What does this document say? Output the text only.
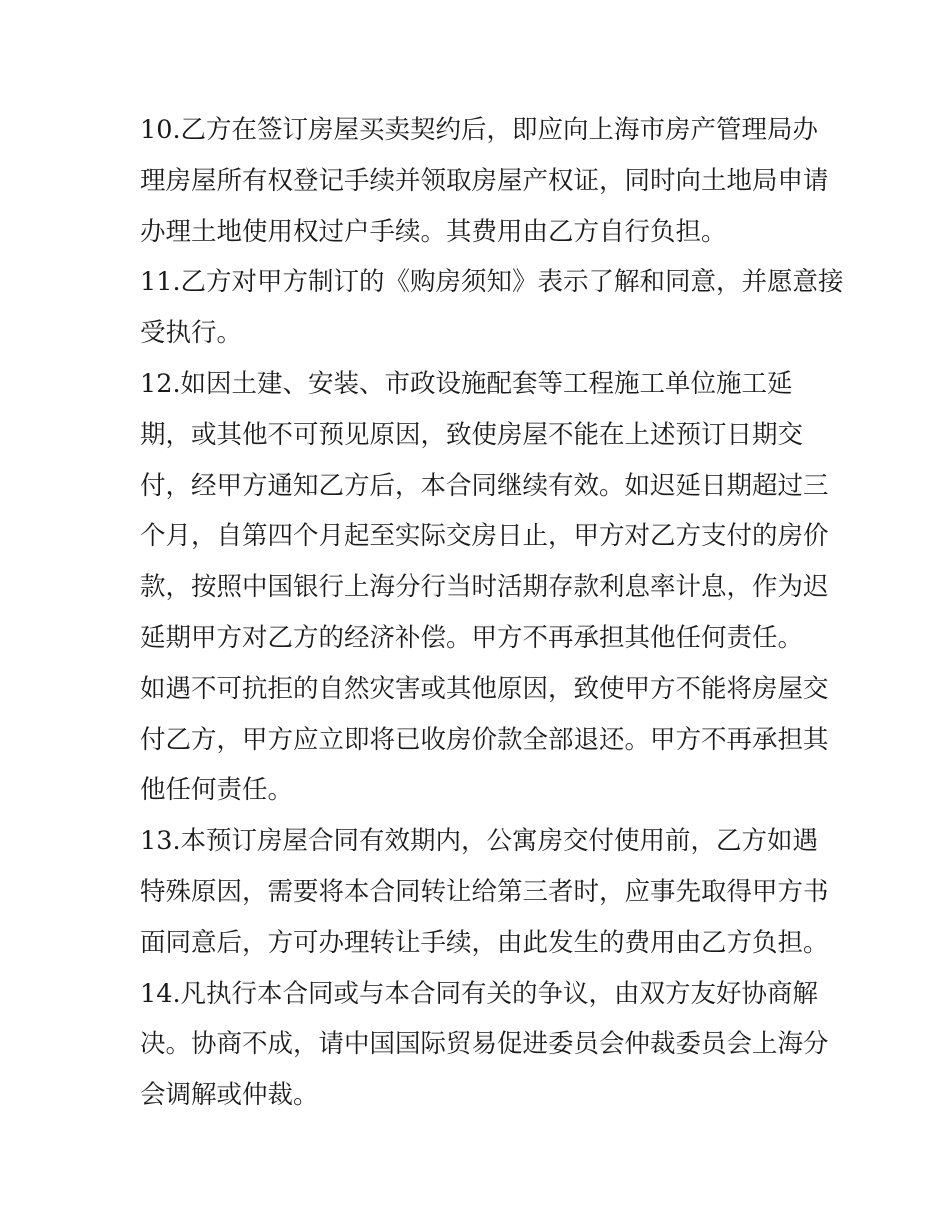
10.乙方在签订房屋买卖契约后，即应向上海市房产管理局办
理房屋所有权登记手续并领取房屋产权证，同时向土地局申请
办理土地使用权过户手续。其费用由乙方自行负担。
11.乙方对甲方制订的《购房须知》表示了解和同意，并愿意接
受执行。
12.如因土建、安装、市政设施配套等工程施工单位施工延
期，或其他不可预见原因，致使房屋不能在上述预订日期交
付，经甲方通知乙方后，本合同继续有效。如迟延日期超过三
个月，自第四个月起至实际交房日止，甲方对乙方支付的房价
款，按照中国银行上海分行当时活期存款利息率计息，作为迟
延期甲方对乙方的经济补偿。甲方不再承担其他任何责任。
如遇不可抗拒的自然灾害或其他原因，致使甲方不能将房屋交
付乙方，甲方应立即将已收房价款全部退还。甲方不再承担其
他任何责任。
13.本预订房屋合同有效期内，公寓房交付使用前，乙方如遇
特殊原因，需要将本合同转让给第三者时，应事先取得甲方书
面同意后，方可办理转让手续，由此发生的费用由乙方负担。
14.凡执行本合同或与本合同有关的争议，由双方友好协商解
决。协商不成，请中国国际贸易促进委员会仲裁委员会上海分
会调解或仲裁。
